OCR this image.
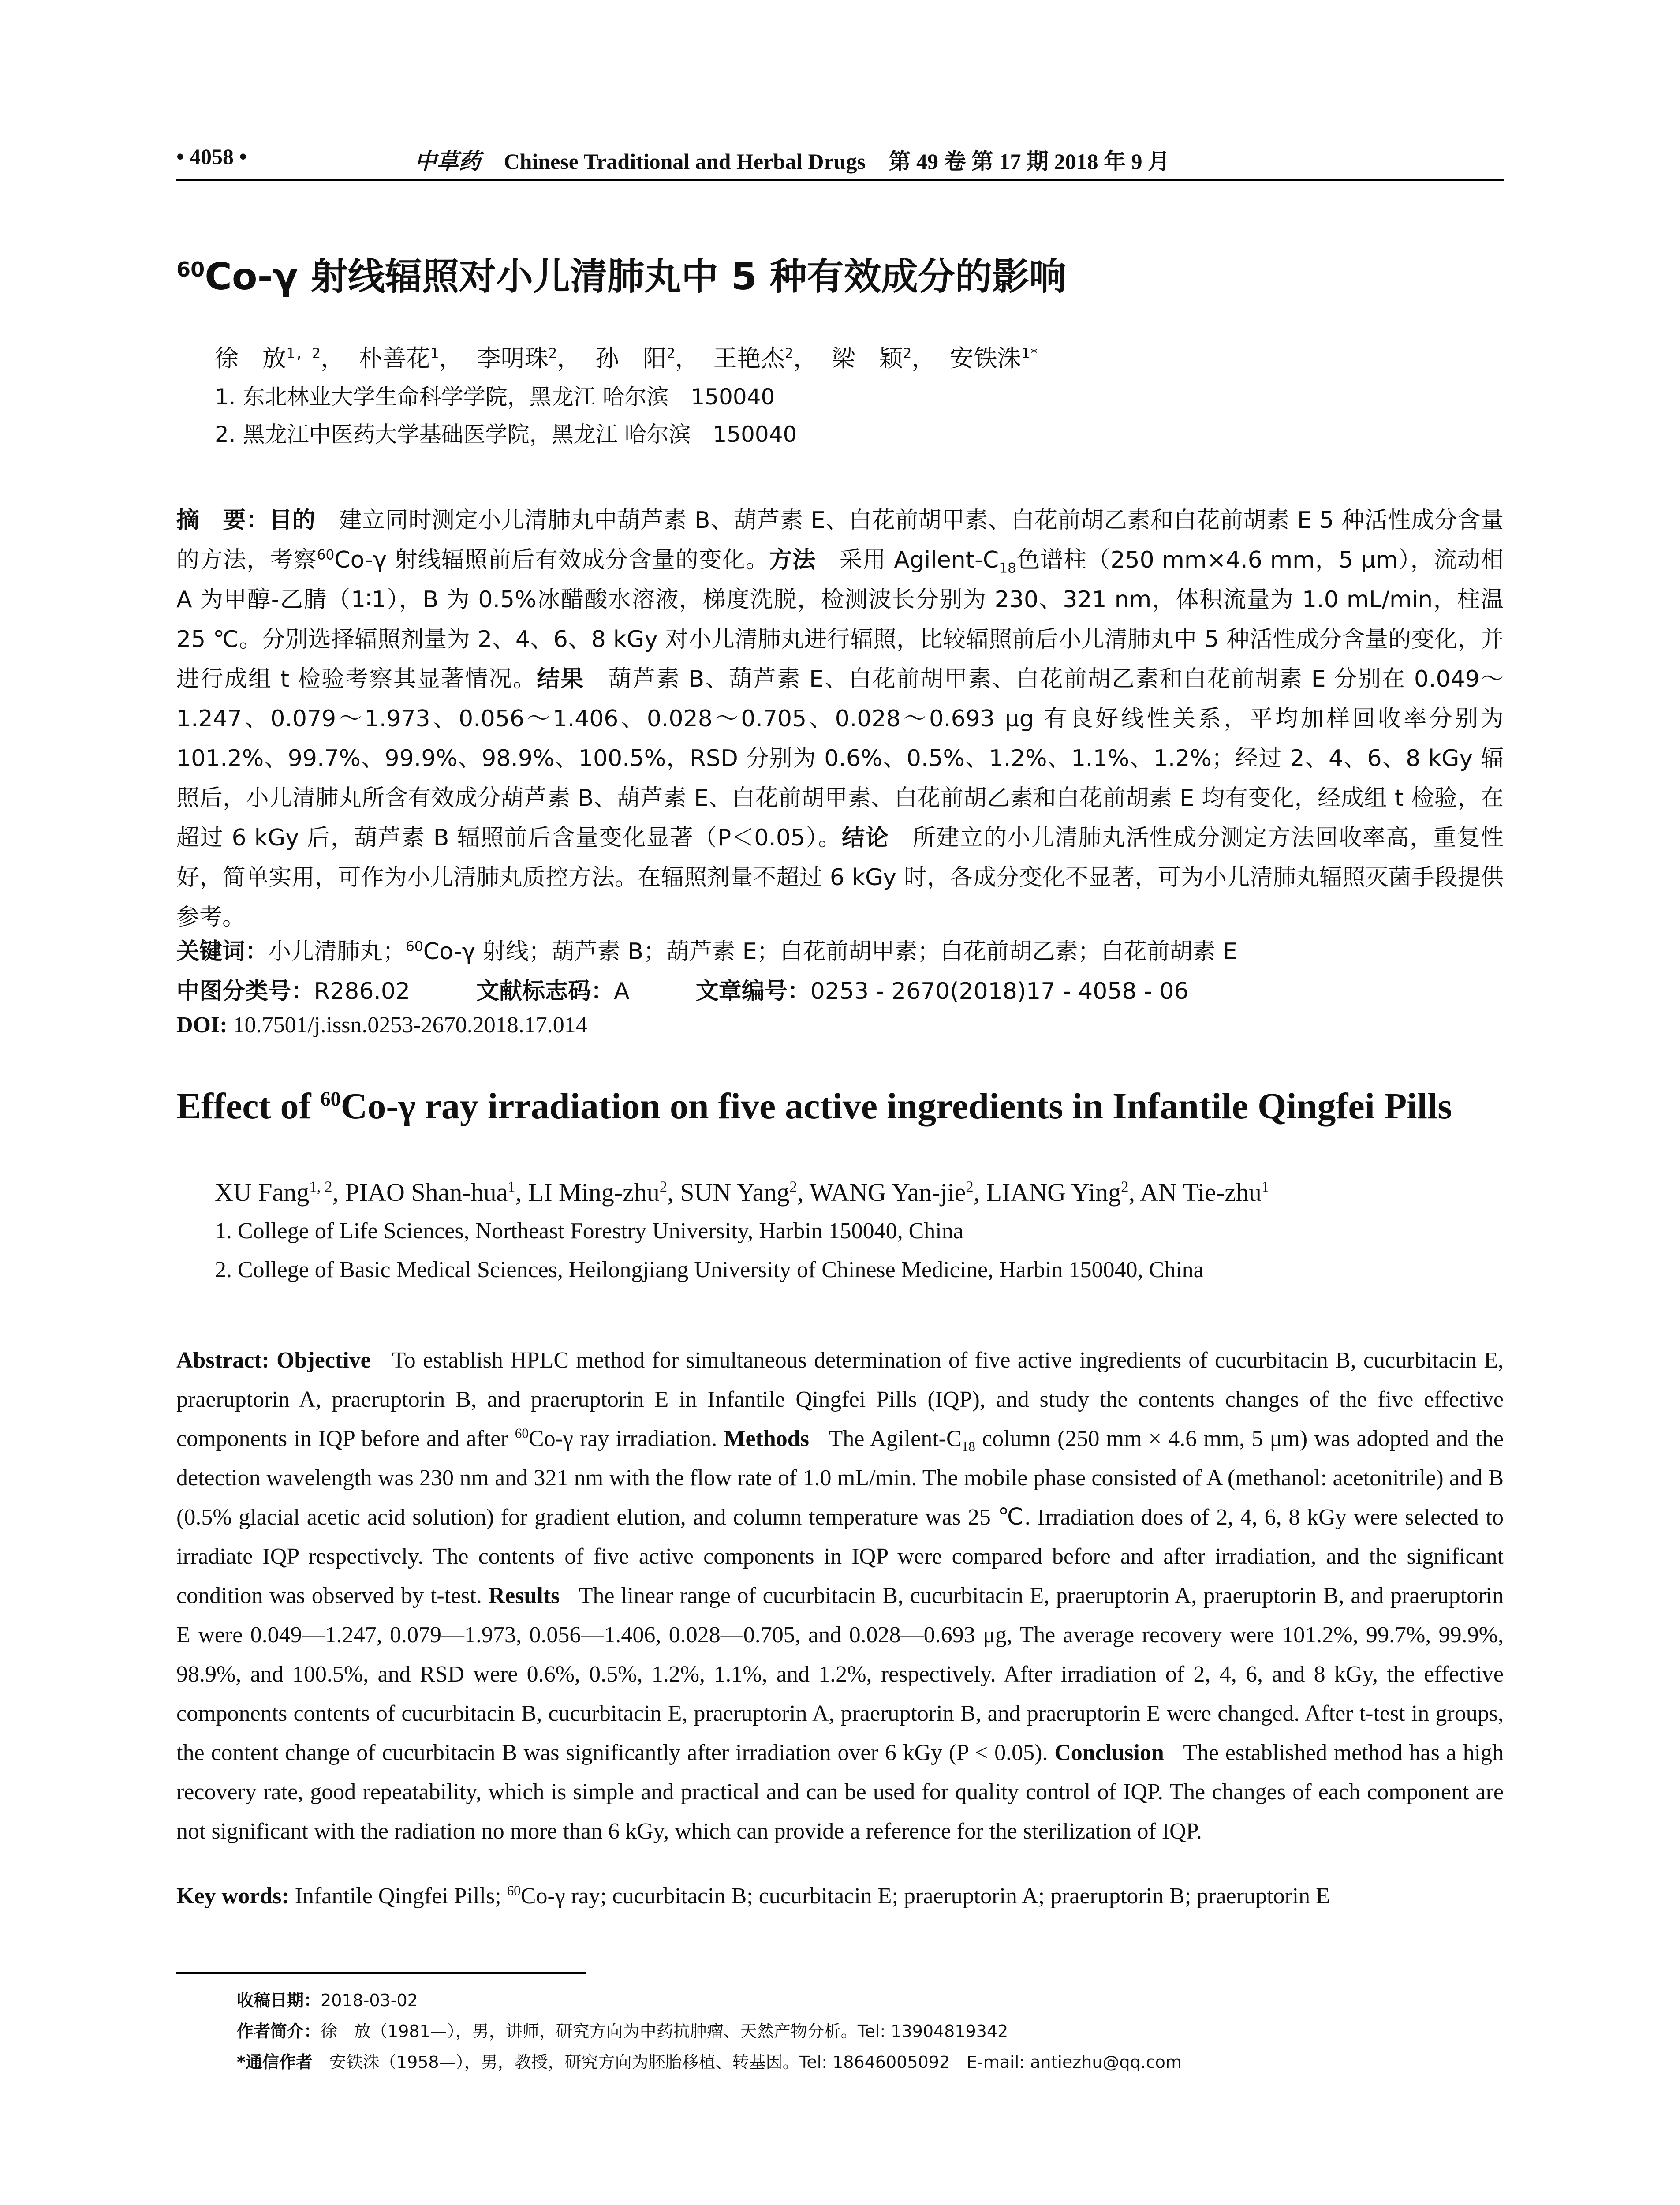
• 4058 •	中草药 Chinese Traditional and Herbal Drugs 第 49 卷 第 17 期 2018 年 9 月
$^{60}$Co-γ 射线辐照对小儿清肺丸中 5 种有效成分的影响
徐　放$^{1, 2}$， 朴善花$^1$， 李明珠$^2$， 孙　阳$^2$， 王艳杰$^2$， 梁　颖$^2$， 安铁洙$^{1*}$
1. 东北林业大学生命科学学院，黑龙江 哈尔滨　150040
2. 黑龙江中医药大学基础医学院，黑龙江 哈尔滨　150040
摘　要：目的　 建立同时测定小儿清肺丸中葫芦素 B、葫芦素 E、白花前胡甲素、白花前胡乙素和白花前胡素 E 5 种活性成分含量的方法，考察$^{60}$Co-γ 射线辐照前后有效成分含量的变化。方法　 采用 Agilent-$C_{18}$色谱柱（250 mm×4.6 mm，5 μm），流动相 A 为甲醇-乙腈（1∶1），B 为 0.5%冰醋酸水溶液，梯度洗脱，检测波长分别为 230、321 nm，体积流量为 1.0 mL/min，柱温 25 ℃。分别选择辐照剂量为 2、4、6、8 kGy 对小儿清肺丸进行辐照，比较辐照前后小儿清肺丸中 5 种活性成分含量的变化，并进行成组 t 检验考察其显著情况。结果　 葫芦素 B、葫芦素 E、白花前胡甲素、白花前胡乙素和白花前胡素 E 分别在 0.049～1.247、0.079～1.973、0.056～1.406、0.028～0.705、0.028～0.693 μg 有良好线性关系，平均加样回收率分别为 101.2%、99.7%、99.9%、98.9%、100.5%，RSD 分别为 0.6%、0.5%、1.2%、1.1%、1.2%；经过 2、4、6、8 kGy 辐照后，小儿清肺丸所含有效成分葫芦素 B、葫芦素 E、白花前胡甲素、白花前胡乙素和白花前胡素 E 均有变化，经成组 t 检验，在超过 6 kGy 后，葫芦素 B 辐照前后含量变化显著（P＜0.05）。结论　 所建立的小儿清肺丸活性成分测定方法回收率高，重复性好，简单实用，可作为小儿清肺丸质控方法。在辐照剂量不超过 6 kGy 时，各成分变化不显著，可为小儿清肺丸辐照灭菌手段提供参考。
关键词：小儿清肺丸；$^{60}$Co-γ 射线；葫芦素 B；葫芦素 E；白花前胡甲素；白花前胡乙素；白花前胡素 E
中图分类号：R286.02	文献标志码：A	文章编号：0253 - 2670(2018)17 - 4058 - 06
DOI: 10.7501/j.issn.0253-2670.2018.17.014
Effect of $^{60}$Co-γ ray irradiation on five active ingredients in Infantile Qingfei Pills
XU Fang$^{1, 2}$, PIAO Shan-hua$^1$, LI Ming-zhu$^2$, SUN Yang$^2$, WANG Yan-jie$^2$, LIANG Ying$^2$, AN Tie-zhu$^1$
1. College of Life Sciences, Northeast Forestry University, Harbin 150040, China
2. College of Basic Medical Sciences, Heilongjiang University of Chinese Medicine, Harbin 150040, China
Abstract: Objective To establish HPLC method for simultaneous determination of five active ingredients of cucurbitacin B, cucurbitacin E, praeruptorin A, praeruptorin B, and praeruptorin E in Infantile Qingfei Pills (IQP), and study the contents changes of the five effective components in IQP before and after $^{60}$Co-γ ray irradiation. Methods The Agilent-$C_{18}$ column (250 mm × 4.6 mm, 5 μm) was adopted and the detection wavelength was 230 nm and 321 nm with the flow rate of 1.0 mL/min. The mobile phase consisted of A (methanol: acetonitrile) and B (0.5% glacial acetic acid solution) for gradient elution, and column temperature was 25 ℃. Irradiation does of 2, 4, 6, 8 kGy were selected to irradiate IQP respectively. The contents of five active components in IQP were compared before and after irradiation, and the significant condition was observed by t-test. Results The linear range of cucurbitacin B, cucurbitacin E, praeruptorin A, praeruptorin B, and praeruptorin E were 0.049—1.247, 0.079—1.973, 0.056—1.406, 0.028—0.705, and 0.028—0.693 μg, The average recovery were 101.2%, 99.7%, 99.9%, 98.9%, and 100.5%, and RSD were 0.6%, 0.5%, 1.2%, 1.1%, and 1.2%, respectively. After irradiation of 2, 4, 6, and 8 kGy, the effective components contents of cucurbitacin B, cucurbitacin E, praeruptorin A, praeruptorin B, and praeruptorin E were changed. After t-test in groups, the content change of cucurbitacin B was significantly after irradiation over 6 kGy (P < 0.05). Conclusion The established method has a high recovery rate, good repeatability, which is simple and practical and can be used for quality control of IQP. The changes of each component are not significant with the radiation no more than 6 kGy, which can provide a reference for the sterilization of IQP.
Key words: Infantile Qingfei Pills; $^{60}$Co-γ ray; cucurbitacin B; cucurbitacin E; praeruptorin A; praeruptorin B; praeruptorin E
收稿日期：2018-03-02
作者简介：徐　放（1981—），男，讲师，研究方向为中药抗肿瘤、天然产物分析。Tel: 13904819342
*通信作者　 安铁洙（1958—），男，教授，研究方向为胚胎移植、转基因。Tel: 18646005092　E-mail: antiezhu@qq.com
